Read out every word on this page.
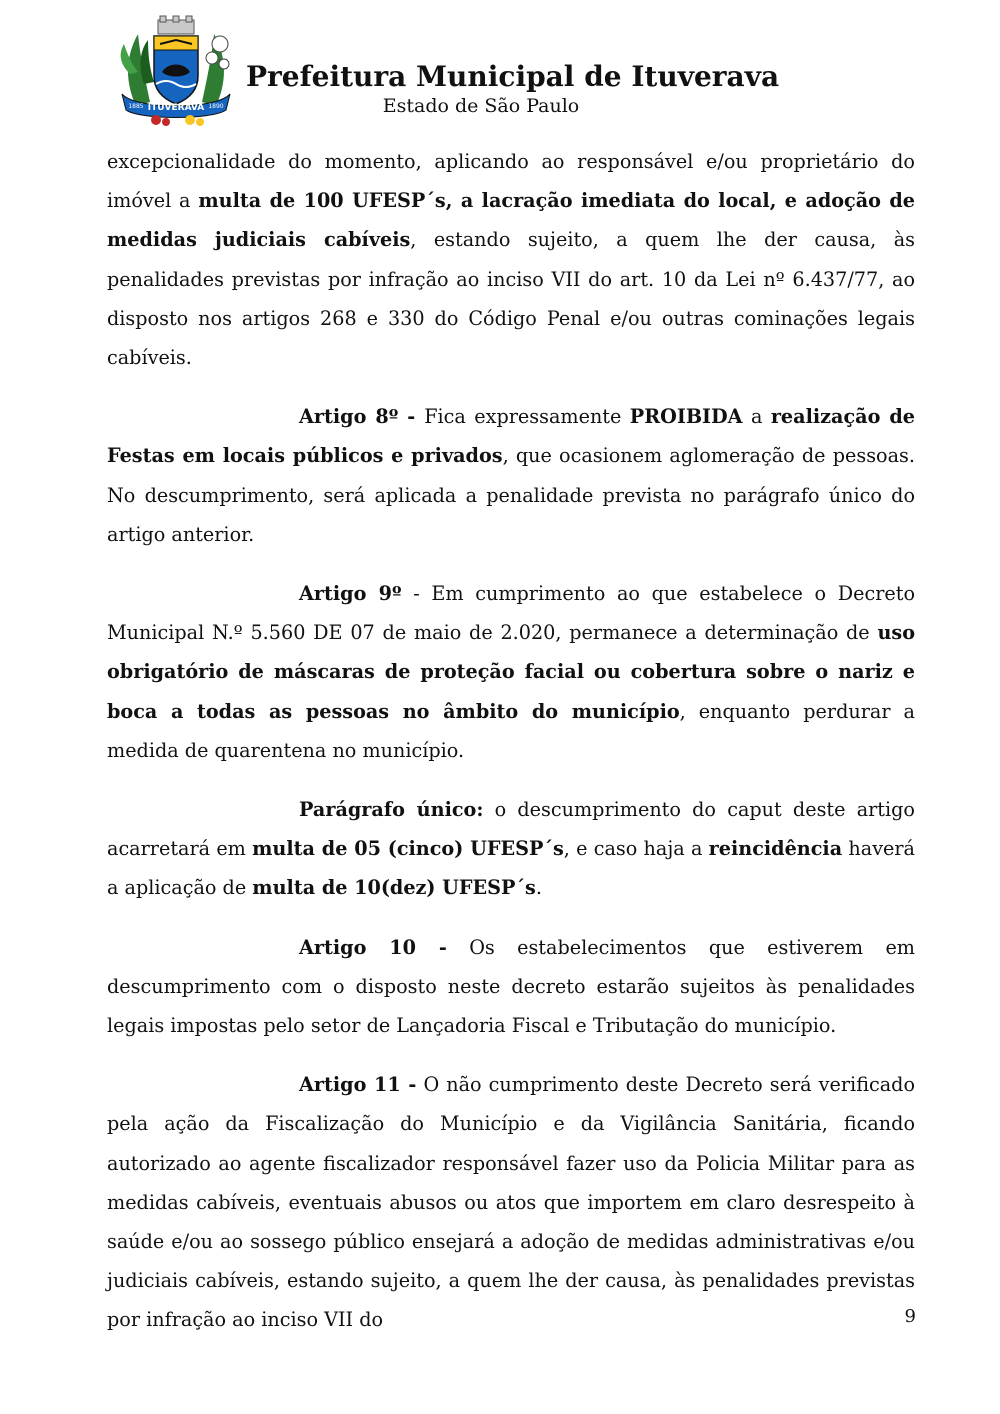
ITUVERAVA
1885	1890
Prefeitura Municipal de Ituverava
Estado de São Paulo

excepcionalidade do momento, aplicando ao responsável e/ou proprietário do imóvel a multa de 100 UFESP´s, a lacração imediata do local, e adoção de medidas judiciais cabíveis, estando sujeito, a quem lhe der causa, às penalidades previstas por infração ao inciso VII do art. 10 da Lei nº 6.437/77, ao disposto nos artigos 268 e 330 do Código Penal e/ou outras cominações legais cabíveis.

Artigo 8º - Fica expressamente PROIBIDA a realização de Festas em locais públicos e privados, que ocasionem aglomeração de pessoas. No descumprimento, será aplicada a penalidade prevista no parágrafo único do artigo anterior.

Artigo 9º - Em cumprimento ao que estabelece o Decreto Municipal N.º 5.560 DE 07 de maio de 2.020, permanece a determinação de uso obrigatório de máscaras de proteção facial ou cobertura sobre o nariz e boca a todas as pessoas no âmbito do município, enquanto perdurar a medida de quarentena no município.

Parágrafo único: o descumprimento do caput deste artigo acarretará em multa de 05 (cinco) UFESP´s, e caso haja a reincidência haverá a aplicação de multa de 10(dez) UFESP´s.

Artigo 10 - Os estabelecimentos que estiverem em descumprimento com o disposto neste decreto estarão sujeitos às penalidades legais impostas pelo setor de Lançadoria Fiscal e Tributação do município.

Artigo 11 - O não cumprimento deste Decreto será verificado pela ação da Fiscalização do Município e da Vigilância Sanitária, ficando autorizado ao agente fiscalizador responsável fazer uso da Policia Militar para as medidas cabíveis, eventuais abusos ou atos que importem em claro desrespeito à saúde e/ou ao sossego público ensejará a adoção de medidas administrativas e/ou judiciais cabíveis, estando sujeito, a quem lhe der causa, às penalidades previstas por infração ao inciso VII do	9
